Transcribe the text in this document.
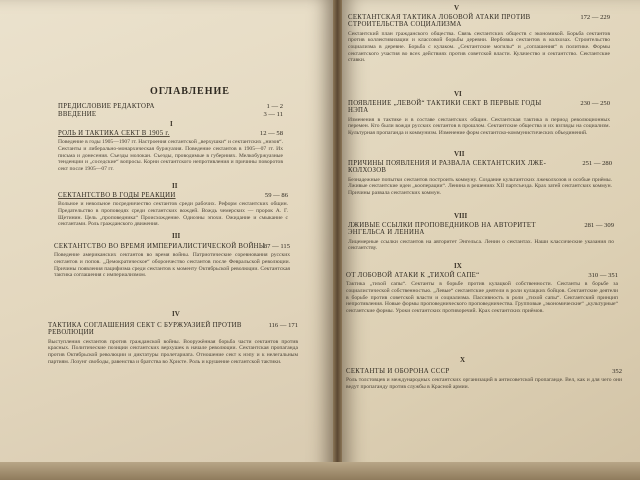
ОГЛАВЛЕНИЕ
ПРЕДИСЛОВИЕ РЕДАКТОРА	1 — 2
ВВЕДЕНИЕ	3 — 11
I
РОЛЬ И ТАКТИКА СЕКТ В 1905 г.	12 — 58
Поведение в годы 1905—1907 гг. Настроения сектантской „верхушки“ и сектантских „низов“. Сектанты и либерально-монархическая буржуазия. Поведение сектантов в 1905—07 гг. Их письма и донесения. Съезды молокан. Съезды, проводимые в губерниях. Мелкобуржуазные тенденции и „соседские“ вопросы. Корни сектантского непротивления и причины поворотов сект после 1905—07 гг.
II
СЕКТАНТСТВО В ГОДЫ РЕАКЦИИ	59 — 86
Вольное и невольное посредничество сектантов среди рабочих. Реформ сектантских общин. Предательство в проповедях среди сектантских вождей. Вождь чемерских — пророк А. Г. Щетинин. Цель „проповедника“ Происхождение. Одиозны эпохи. Ожидание и смыкание с сектантами. Роль гражданского движения.
III
СЕКТАНТСТВО ВО ВРЕМЯ ИМПЕРИАЛИСТИЧЕСКОЙ ВОЙНЫ
87 — 115
Поведение американских сектантов во время войны. Патриотические соревнования русских сектантов и попов. „Демократическое“ оборончество сектантов после Февральской революции. Причины появления пацифизма среди сектантов к моменту Октябрьской революции. Сектантская тактика соглашения с империализмом.
IV
ТАКТИКА СОГЛАШЕНИЯ СЕКТ С БУРЖУАЗИЕЙ ПРОТИВ РЕВОЛЮЦИИ
116 — 171
Выступления сектантов против гражданской войны. Вооружённая борьба части сектантов против красных. Политические позиции сектантских верхушек в начале революции. Сектантская пропаганда против Октябрьской революции и диктатуры пролетариата. Отношение сект к нэпу и к нелегальным партиям. Лозунг свободы, равенства и братства во Христе. Роль и крушение сектантской тактики.
V
СЕКТАНТСКАЯ ТАКТИКА ЛОБОВОЙ АТАКИ ПРОТИВ СТРОИТЕЛЬСТВА СОЦИАЛИЗМА
172 — 229
Сектантский план гражданского общества. Связь сектантских обществ с экономикой. Борьба сектантов против коллективизации и классовой борьбы деревни. Вербовка сектантов в колхозах. Строительство социализма в деревне. Борьба с кулаком. „Сектантские могилы“ и „соглашения“ в политике. Формы сектантского участия во всех действиях против советской власти. Кулачество и сектантство. Сектантские ставки.
VI
ПОЯВЛЕНИЕ „ЛЕВОЙ“ ТАКТИКИ СЕКТ В ПЕРВЫЕ ГОДЫ НЭПА
230 — 250
Изменения в тактике и в составе сектантских общин. Сектантская тактика в период революционных перемен. Кто были вожди русских сектантов в прошлом. Сектантские общества и их взгляды на социализм. Культурная пропаганда и коммунизм. Изменение форм сектантско-коммунистических объединений.
VII
ПРИЧИНЫ ПОЯВЛЕНИЯ И РАЗВАЛА СЕКТАНТСКИХ ЛЖЕ-КОЛХОЗОВ
251 — 280
Безнадежные попытки сектантов построить коммуну. Создание культантских лжеколхозов и особые приёмы. Лживые сектантские идеи „кооперации“. Ленина в решениях XII партсъезда. Крах затей сектантских коммун. Причины развала сектантских коммун.
VIII
ЛЖИВЫЕ ССЫЛКИ ПРОПОВЕДНИКОВ НА АВТОРИТЕТ ЭНГЕЛЬСА И ЛЕНИНА
281 — 309
Лицемерные ссылки сектантов на авторитет Энгельса. Ленин о сектантах. Наши классические указания по сектантству.
IX
ОТ ЛОБОВОЙ АТАКИ К „ТИХОЙ САПЕ“	310 — 351
Тактика „тихой сапы“. Сектанты в борьбе против кулацкой собственности. Сектанты в борьбе за социалистической собственностью. „Левые“ сектантские деятели в роли кулацких бойцов. Сектантские деятели в борьбе против советской власти и социализма. Пассивность в роли „тихой сапы“. Сектантский принцип непротивления. Новые формы проповеднического проповедничества. Групповые „экономические“ „культурные“ сектантские формы. Уроки сектантских противоречий. Крах сектантских приёмов.
X
СЕКТАНТЫ И ОБОРОНА СССР	352
Роль толстовцев и международных сектантских организаций в антисоветской пропаганде. Вел, как и для чего они ведут пропаганду против службы в Красной армии.
